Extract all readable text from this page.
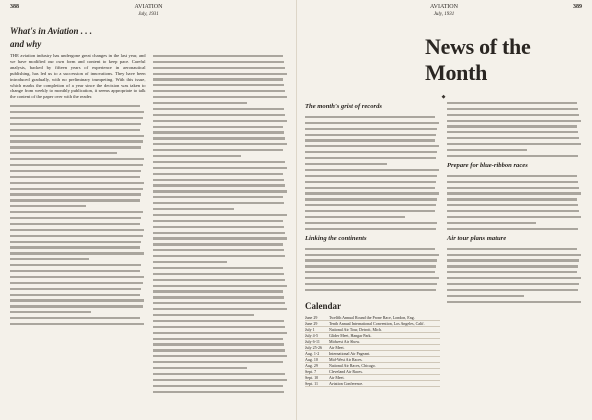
388	AVIATION
July, 1931
What's in Aviation . . .
and why

THE aviation industry has undergone great changes in the last year, and we have modified our own form and content to keep pace. Careful analysis, backed by fifteen years of experience in aeronautical publishing, has led us to a succession of innovations. They have been introduced gradually, with no preliminary trumpeting. With this issue, which marks the completion of a year since the decision was taken to change from weekly to monthly publication, it seems appropriate to talk the content of the paper over with the reader.

AVIATION
July, 1931
389
News of the Month
◆
The month's grist of records
Linking the continents
Calendar
June 29	Twelfth Annual Round the Prone Race, London, Eng.
June 29	Tenth Annual International Convention, Los Angeles, Calif.
July 1	National Air Tour, Detroit, Mich.
July 4-5	Glider Meet, Hangar Park.
July 6-11	Midwest Air Show.
July 25-26	Air Meet.
Aug. 1-2	International Air Pageant.
Aug. 10	Mid-West Air Races.
Aug. 29	National Air Races, Chicago.
Sept. 7	Cleveland Air Races.
Sept. 10	Air Meet.
Sept. 11	Aviation Conference.
Prepare for blue-ribbon races
Air tour plans mature
